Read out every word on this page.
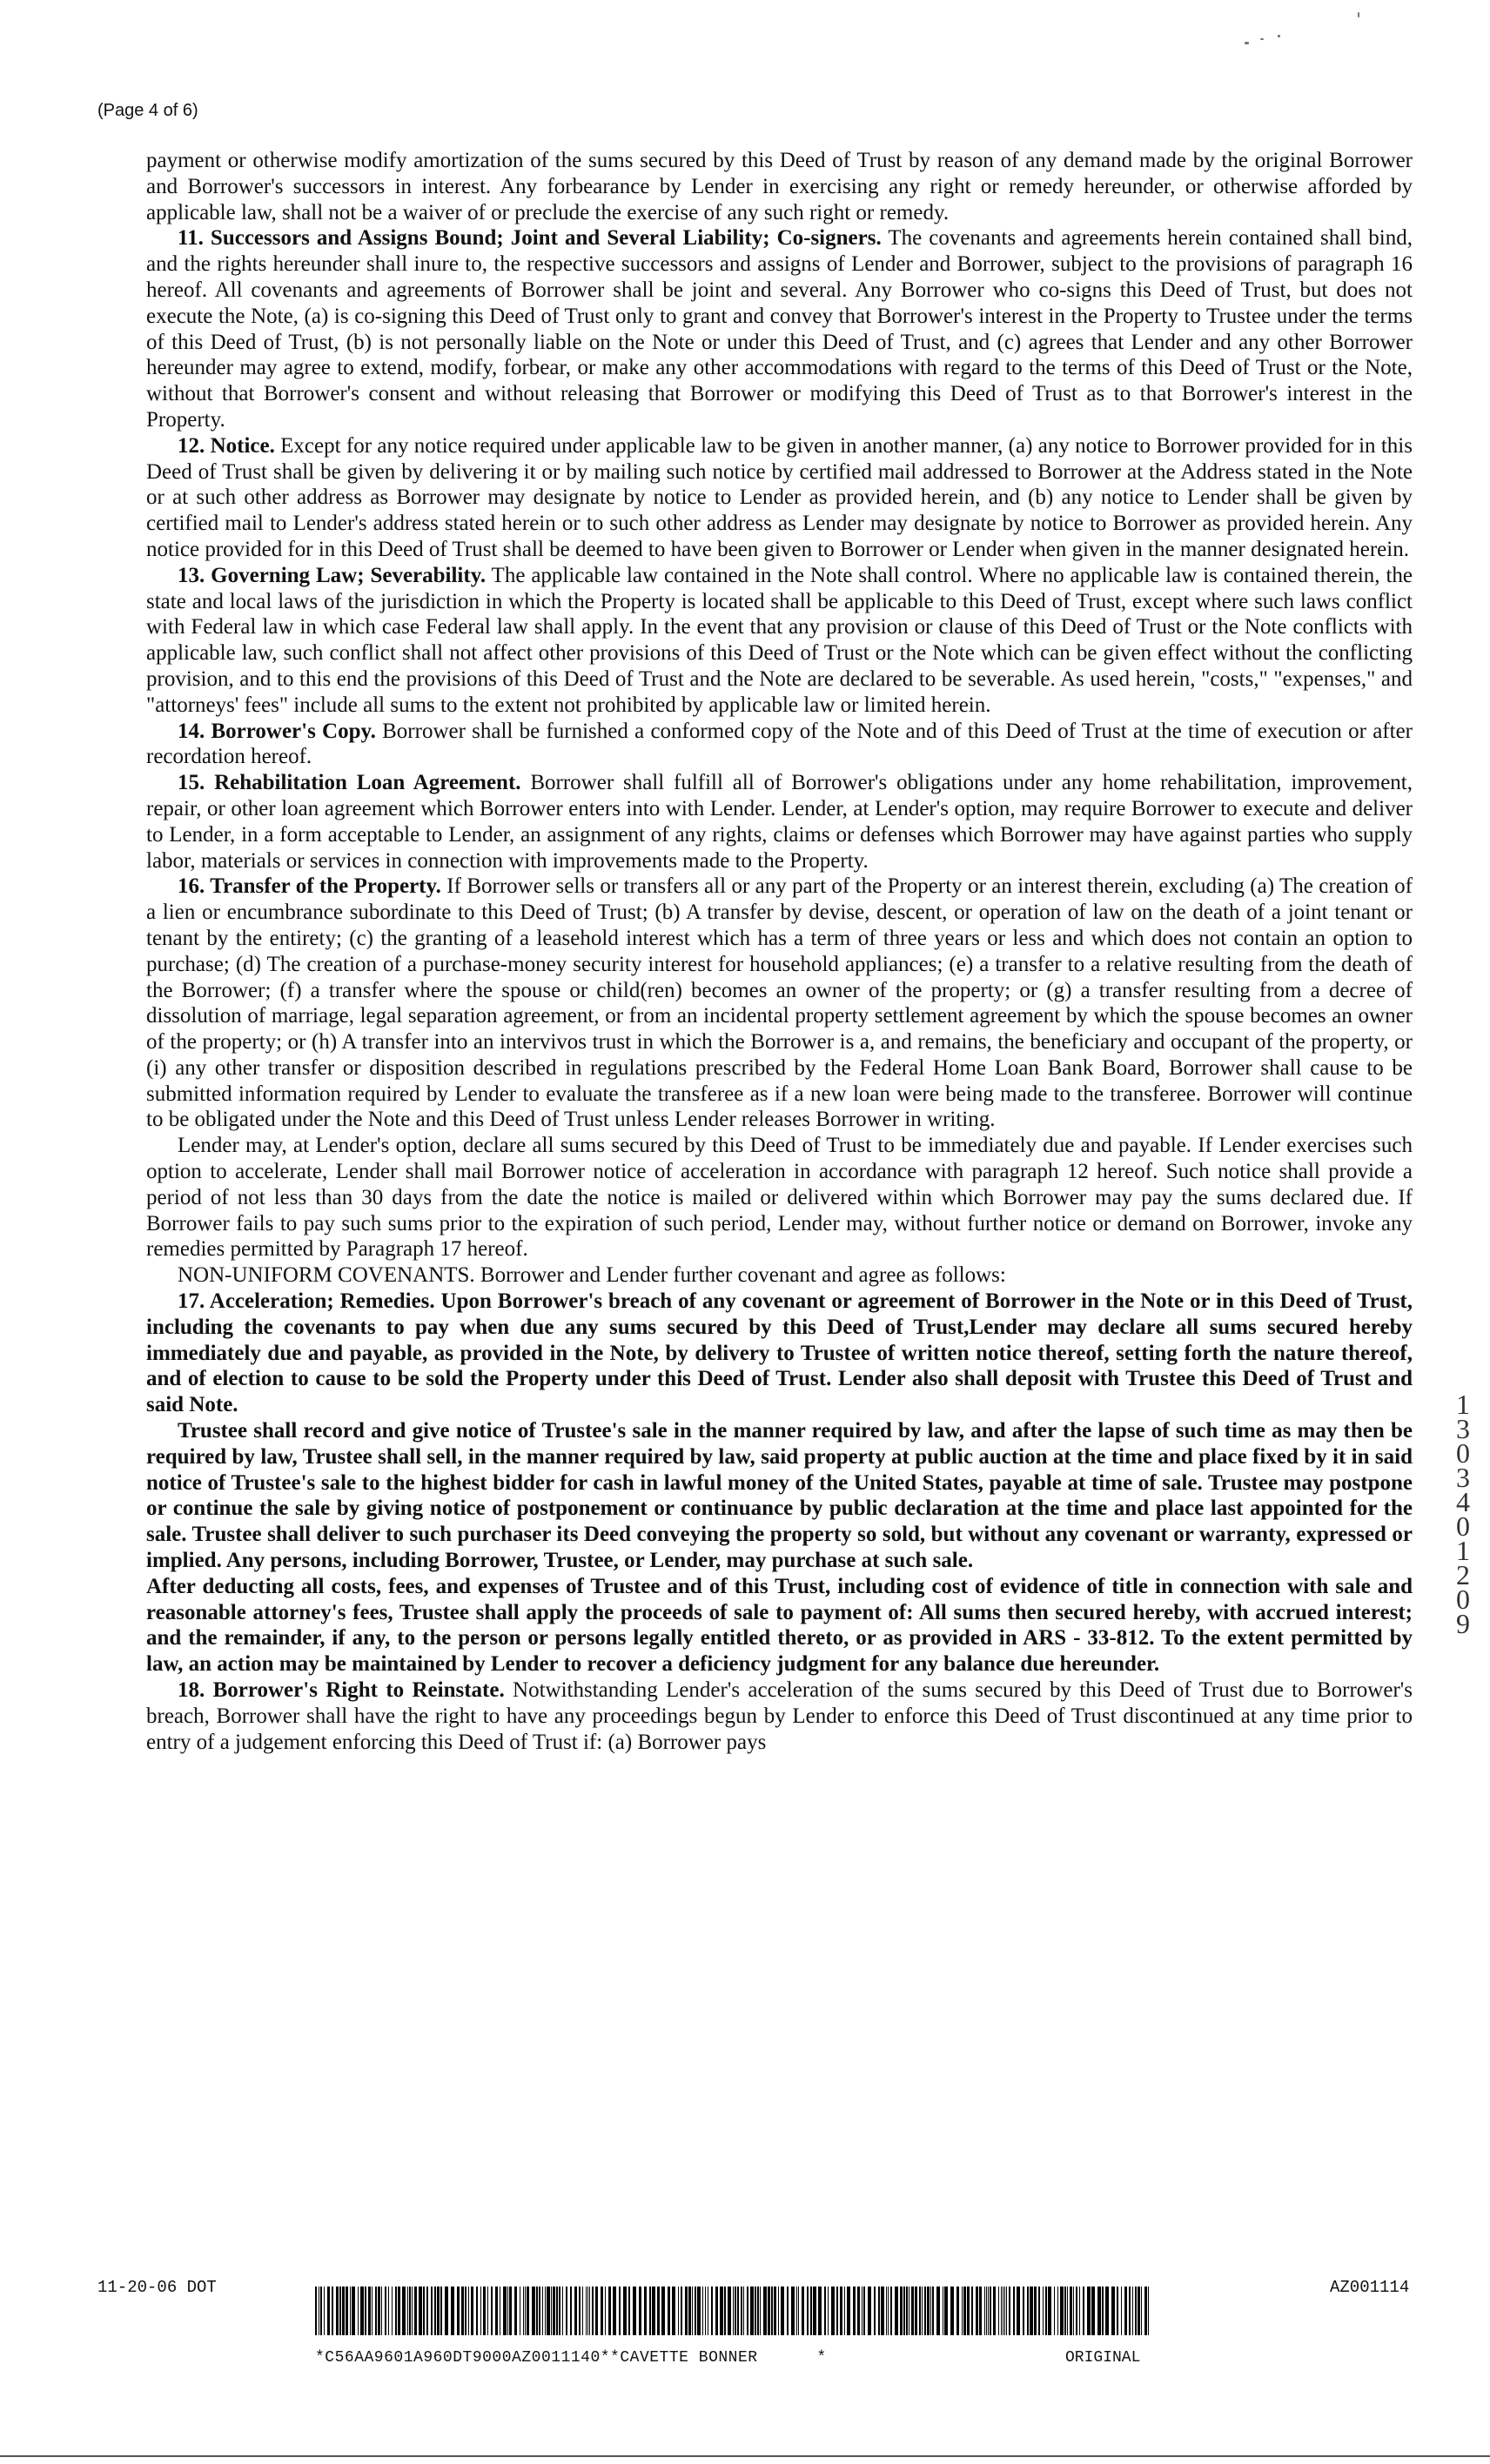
(Page 4 of 6)

payment or otherwise modify amortization of the sums secured by this Deed of Trust by reason of any demand made by the original Borrower and Borrower's successors in interest. Any forbearance by Lender in exercising any right or remedy hereunder, or otherwise afforded by applicable law, shall not be a waiver of or preclude the exercise of any such right or remedy.

11. Successors and Assigns Bound; Joint and Several Liability; Co-signers. The covenants and agreements herein contained shall bind, and the rights hereunder shall inure to, the respective successors and assigns of Lender and Borrower, subject to the provisions of paragraph 16 hereof. All covenants and agreements of Borrower shall be joint and several. Any Borrower who co-signs this Deed of Trust, but does not execute the Note, (a) is co-signing this Deed of Trust only to grant and convey that Borrower's interest in the Property to Trustee under the terms of this Deed of Trust, (b) is not personally liable on the Note or under this Deed of Trust, and (c) agrees that Lender and any other Borrower hereunder may agree to extend, modify, forbear, or make any other accommodations with regard to the terms of this Deed of Trust or the Note, without that Borrower's consent and without releasing that Borrower or modifying this Deed of Trust as to that Borrower's interest in the Property.

12. Notice. Except for any notice required under applicable law to be given in another manner, (a) any notice to Borrower provided for in this Deed of Trust shall be given by delivering it or by mailing such notice by certified mail addressed to Borrower at the Address stated in the Note or at such other address as Borrower may designate by notice to Lender as provided herein, and (b) any notice to Lender shall be given by certified mail to Lender's address stated herein or to such other address as Lender may designate by notice to Borrower as provided herein. Any notice provided for in this Deed of Trust shall be deemed to have been given to Borrower or Lender when given in the manner designated herein.

13. Governing Law; Severability. The applicable law contained in the Note shall control. Where no applicable law is contained therein, the state and local laws of the jurisdiction in which the Property is located shall be applicable to this Deed of Trust, except where such laws conflict with Federal law in which case Federal law shall apply. In the event that any provision or clause of this Deed of Trust or the Note conflicts with applicable law, such conflict shall not affect other provisions of this Deed of Trust or the Note which can be given effect without the conflicting provision, and to this end the provisions of this Deed of Trust and the Note are declared to be severable. As used herein, "costs," "expenses," and "attorneys' fees" include all sums to the extent not prohibited by applicable law or limited herein.

14. Borrower's Copy. Borrower shall be furnished a conformed copy of the Note and of this Deed of Trust at the time of execution or after recordation hereof.

15. Rehabilitation Loan Agreement. Borrower shall fulfill all of Borrower's obligations under any home rehabilitation, improvement, repair, or other loan agreement which Borrower enters into with Lender. Lender, at Lender's option, may require Borrower to execute and deliver to Lender, in a form acceptable to Lender, an assignment of any rights, claims or defenses which Borrower may have against parties who supply labor, materials or services in connection with improvements made to the Property.

16. Transfer of the Property. If Borrower sells or transfers all or any part of the Property or an interest therein, excluding (a) The creation of a lien or encumbrance subordinate to this Deed of Trust; (b) A transfer by devise, descent, or operation of law on the death of a joint tenant or tenant by the entirety; (c) the granting of a leasehold interest which has a term of three years or less and which does not contain an option to purchase; (d) The creation of a purchase-money security interest for household appliances; (e) a transfer to a relative resulting from the death of the Borrower; (f) a transfer where the spouse or child(ren) becomes an owner of the property; or (g) a transfer resulting from a decree of dissolution of marriage, legal separation agreement, or from an incidental property settlement agreement by which the spouse becomes an owner of the property; or (h) A transfer into an intervivos trust in which the Borrower is a, and remains, the beneficiary and occupant of the property, or (i) any other transfer or disposition described in regulations prescribed by the Federal Home Loan Bank Board, Borrower shall cause to be submitted information required by Lender to evaluate the transferee as if a new loan were being made to the transferee. Borrower will continue to be obligated under the Note and this Deed of Trust unless Lender releases Borrower in writing.

Lender may, at Lender's option, declare all sums secured by this Deed of Trust to be immediately due and payable. If Lender exercises such option to accelerate, Lender shall mail Borrower notice of acceleration in accordance with paragraph 12 hereof. Such notice shall provide a period of not less than 30 days from the date the notice is mailed or delivered within which Borrower may pay the sums declared due. If Borrower fails to pay such sums prior to the expiration of such period, Lender may, without further notice or demand on Borrower, invoke any remedies permitted by Paragraph 17 hereof.

NON-UNIFORM COVENANTS. Borrower and Lender further covenant and agree as follows:

17. Acceleration; Remedies. Upon Borrower's breach of any covenant or agreement of Borrower in the Note or in this Deed of Trust, including the covenants to pay when due any sums secured by this Deed of Trust,Lender may declare all sums secured hereby immediately due and payable, as provided in the Note, by delivery to Trustee of written notice thereof, setting forth the nature thereof, and of election to cause to be sold the Property under this Deed of Trust. Lender also shall deposit with Trustee this Deed of Trust and said Note.

Trustee shall record and give notice of Trustee's sale in the manner required by law, and after the lapse of such time as may then be required by law, Trustee shall sell, in the manner required by law, said property at public auction at the time and place fixed by it in said notice of Trustee's sale to the highest bidder for cash in lawful money of the United States, payable at time of sale. Trustee may postpone or continue the sale by giving notice of postponement or continuance by public declaration at the time and place last appointed for the sale. Trustee shall deliver to such purchaser its Deed conveying the property so sold, but without any covenant or warranty, expressed or implied. Any persons, including Borrower, Trustee, or Lender, may purchase at such sale.

After deducting all costs, fees, and expenses of Trustee and of this Trust, including cost of evidence of title in connection with sale and reasonable attorney's fees, Trustee shall apply the proceeds of sale to payment of: All sums then secured hereby, with accrued interest; and the remainder, if any, to the person or persons legally entitled thereto, or as provided in ARS - 33-812. To the extent permitted by law, an action may be maintained by Lender to recover a deficiency judgment for any balance due hereunder.

18. Borrower's Right to Reinstate. Notwithstanding Lender's acceleration of the sums secured by this Deed of Trust due to Borrower's breach, Borrower shall have the right to have any proceedings begun by Lender to enforce this Deed of Trust discontinued at any time prior to entry of a judgement enforcing this Deed of Trust if: (a) Borrower pays

1
3
0
3
4
0
1
2
0
9
11-20-06 DOT	AZ001114
*C56AA9601A960DT9000AZ0011140**CAVETTE BONNER      *	ORIGINAL
